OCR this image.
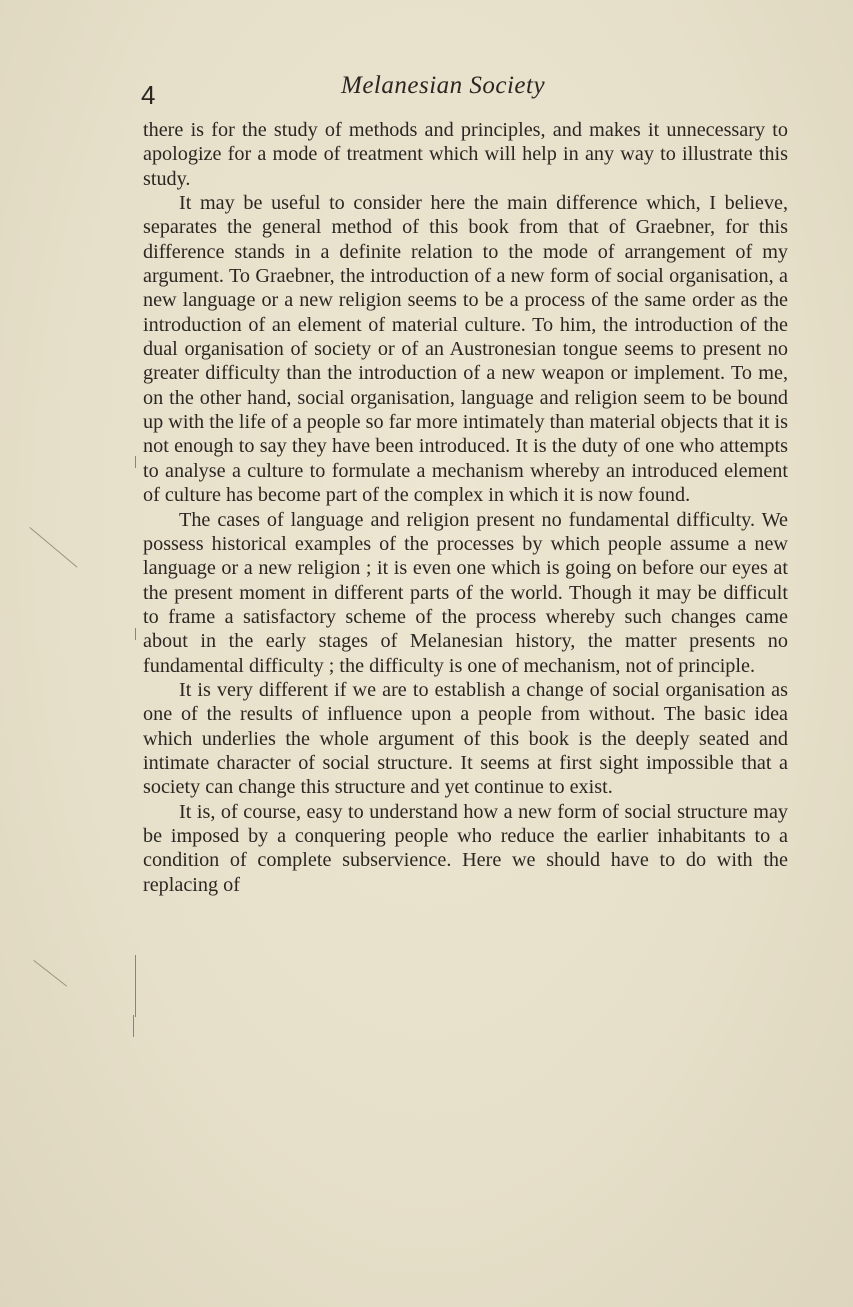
4	Melanesian Society

there is for the study of methods and principles, and makes it unnecessary to apologize for a mode of treatment which will help in any way to illustrate this study.

It may be useful to consider here the main difference which, I believe, separates the general method of this book from that of Graebner, for this difference stands in a definite relation to the mode of arrangement of my argument. To Graebner, the introduction of a new form of social organisation, a new language or a new religion seems to be a process of the same order as the introduction of an element of material culture. To him, the introduction of the dual organisation of society or of an Austronesian tongue seems to present no greater difficulty than the introduction of a new weapon or implement. To me, on the other hand, social organisation, language and religion seem to be bound up with the life of a people so far more intimately than material objects that it is not enough to say they have been introduced. It is the duty of one who attempts to analyse a culture to formulate a mechanism whereby an introduced element of culture has become part of the complex in which it is now found.

The cases of language and religion present no fundamental difficulty. We possess historical examples of the processes by which people assume a new language or a new religion ; it is even one which is going on before our eyes at the present moment in different parts of the world. Though it may be difficult to frame a satisfactory scheme of the process whereby such changes came about in the early stages of Melanesian history, the matter presents no fundamental difficulty ; the difficulty is one of mechanism, not of principle.

It is very different if we are to establish a change of social organisation as one of the results of influence upon a people from without. The basic idea which underlies the whole argument of this book is the deeply seated and intimate character of social structure. It seems at first sight impossible that a society can change this structure and yet continue to exist.

It is, of course, easy to understand how a new form of social structure may be imposed by a conquering people who reduce the earlier inhabitants to a condition of complete subservience. Here we should have to do with the replacing of
